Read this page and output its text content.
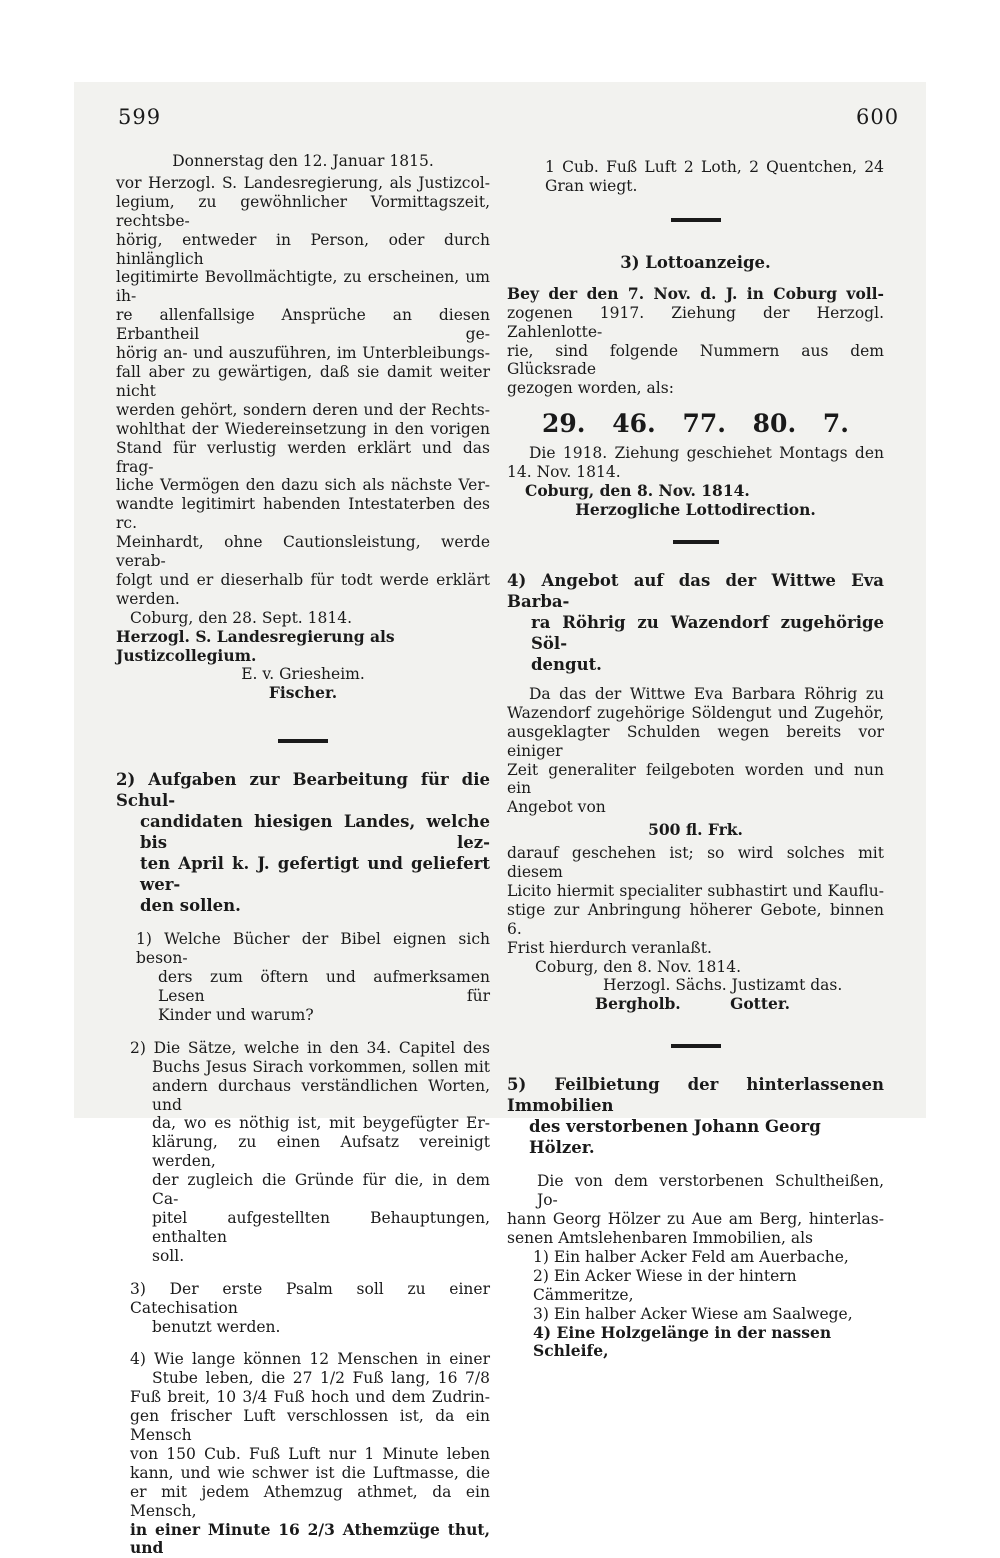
599	600

Donnerstag den 12. Januar 1815.

vor Herzogl. S. Landesregierung, als Justizcol-

legium, zu gewöhnlicher Vormittagszeit, rechtsbe-

hörig, entweder in Person, oder durch hinlänglich

legitimirte Bevollmächtigte, zu erscheinen, um ih-

re allenfallsige Ansprüche an diesen Erbantheil ge-

hörig an- und auszuführen, im Unterbleibungs-

fall aber zu gewärtigen, daß sie damit weiter nicht

werden gehört, sondern deren und der Rechts-

wohlthat der Wiedereinsetzung in den vorigen

Stand für verlustig werden erklärt und das frag-

liche Vermögen den dazu sich als nächste Ver-

wandte legitimirt habenden Intestaterben des rc.

Meinhardt, ohne Cautionsleistung, werde verab-

folgt und er dieserhalb für todt werde erklärt

werden.

Coburg, den 28. Sept. 1814.

Herzogl. S. Landesregierung als Justizcollegium.

E. v. Griesheim.

Fischer.

2) Aufgaben zur Bearbeitung für die Schul-

candidaten hiesigen Landes, welche bis lez-

ten April k. J. gefertigt und geliefert wer-

den sollen.

1) Welche Bücher der Bibel eignen sich beson-

ders zum öftern und aufmerksamen Lesen für

Kinder und warum?

2) Die Sätze, welche in den 34. Capitel des

Buchs Jesus Sirach vorkommen, sollen mit

andern durchaus verständlichen Worten, und

da, wo es nöthig ist, mit beygefügter Er-

klärung, zu einen Aufsatz vereinigt werden,

der zugleich die Gründe für die, in dem Ca-

pitel aufgestellten Behauptungen, enthalten

soll.

3) Der erste Psalm soll zu einer Catechisation

benutzt werden.

4) Wie lange können 12 Menschen in einer

Stube leben, die 27 1/2 Fuß lang, 16 7/8

Fuß breit, 10 3/4 Fuß hoch und dem Zudrin-

gen frischer Luft verschlossen ist, da ein Mensch

von 150 Cub. Fuß Luft nur 1 Minute leben

kann, und wie schwer ist die Luftmasse, die

er mit jedem Athemzug athmet, da ein Mensch,

in einer Minute 16 2/3 Athemzüge thut, und

1 Cub. Fuß Luft 2 Loth, 2 Quentchen, 24

Gran wiegt.

3) Lottoanzeige.

Bey der den 7. Nov. d. J. in Coburg voll-

zogenen 1917. Ziehung der Herzogl. Zahlenlotte-

rie, sind folgende Nummern aus dem Glücksrade

gezogen worden, als:

29. 46. 77. 80. 7.

Die 1918. Ziehung geschiehet Montags den

14. Nov. 1814.

Coburg, den 8. Nov. 1814.

Herzogliche Lottodirection.

4) Angebot auf das der Wittwe Eva Barba-

ra Röhrig zu Wazendorf zugehörige Söl-

dengut.

Da das der Wittwe Eva Barbara Röhrig zu

Wazendorf zugehörige Söldengut und Zugehör,

ausgeklagter Schulden wegen bereits vor einiger

Zeit generaliter feilgeboten worden und nun ein

Angebot von

500 fl. Frk.

darauf geschehen ist; so wird solches mit diesem

Licito hiermit specialiter subhastirt und Kauflu-

stige zur Anbringung höherer Gebote, binnen 6.

Frist hierdurch veranlaßt.

Coburg, den 8. Nov. 1814.

Herzogl. Sächs. Justizamt das.

Bergholb.	Gotter.

5) Feilbietung der hinterlassenen Immobilien

des verstorbenen Johann Georg Hölzer.

Die von dem verstorbenen Schultheißen, Jo-

hann Georg Hölzer zu Aue am Berg, hinterlas-

senen Amtslehenbaren Immobilien, als

1) Ein halber Acker Feld am Auerbache,

2) Ein Acker Wiese in der hintern Cämmeritze,

3) Ein halber Acker Wiese am Saalwege,

4) Eine Holzgelänge in der nassen Schleife,
